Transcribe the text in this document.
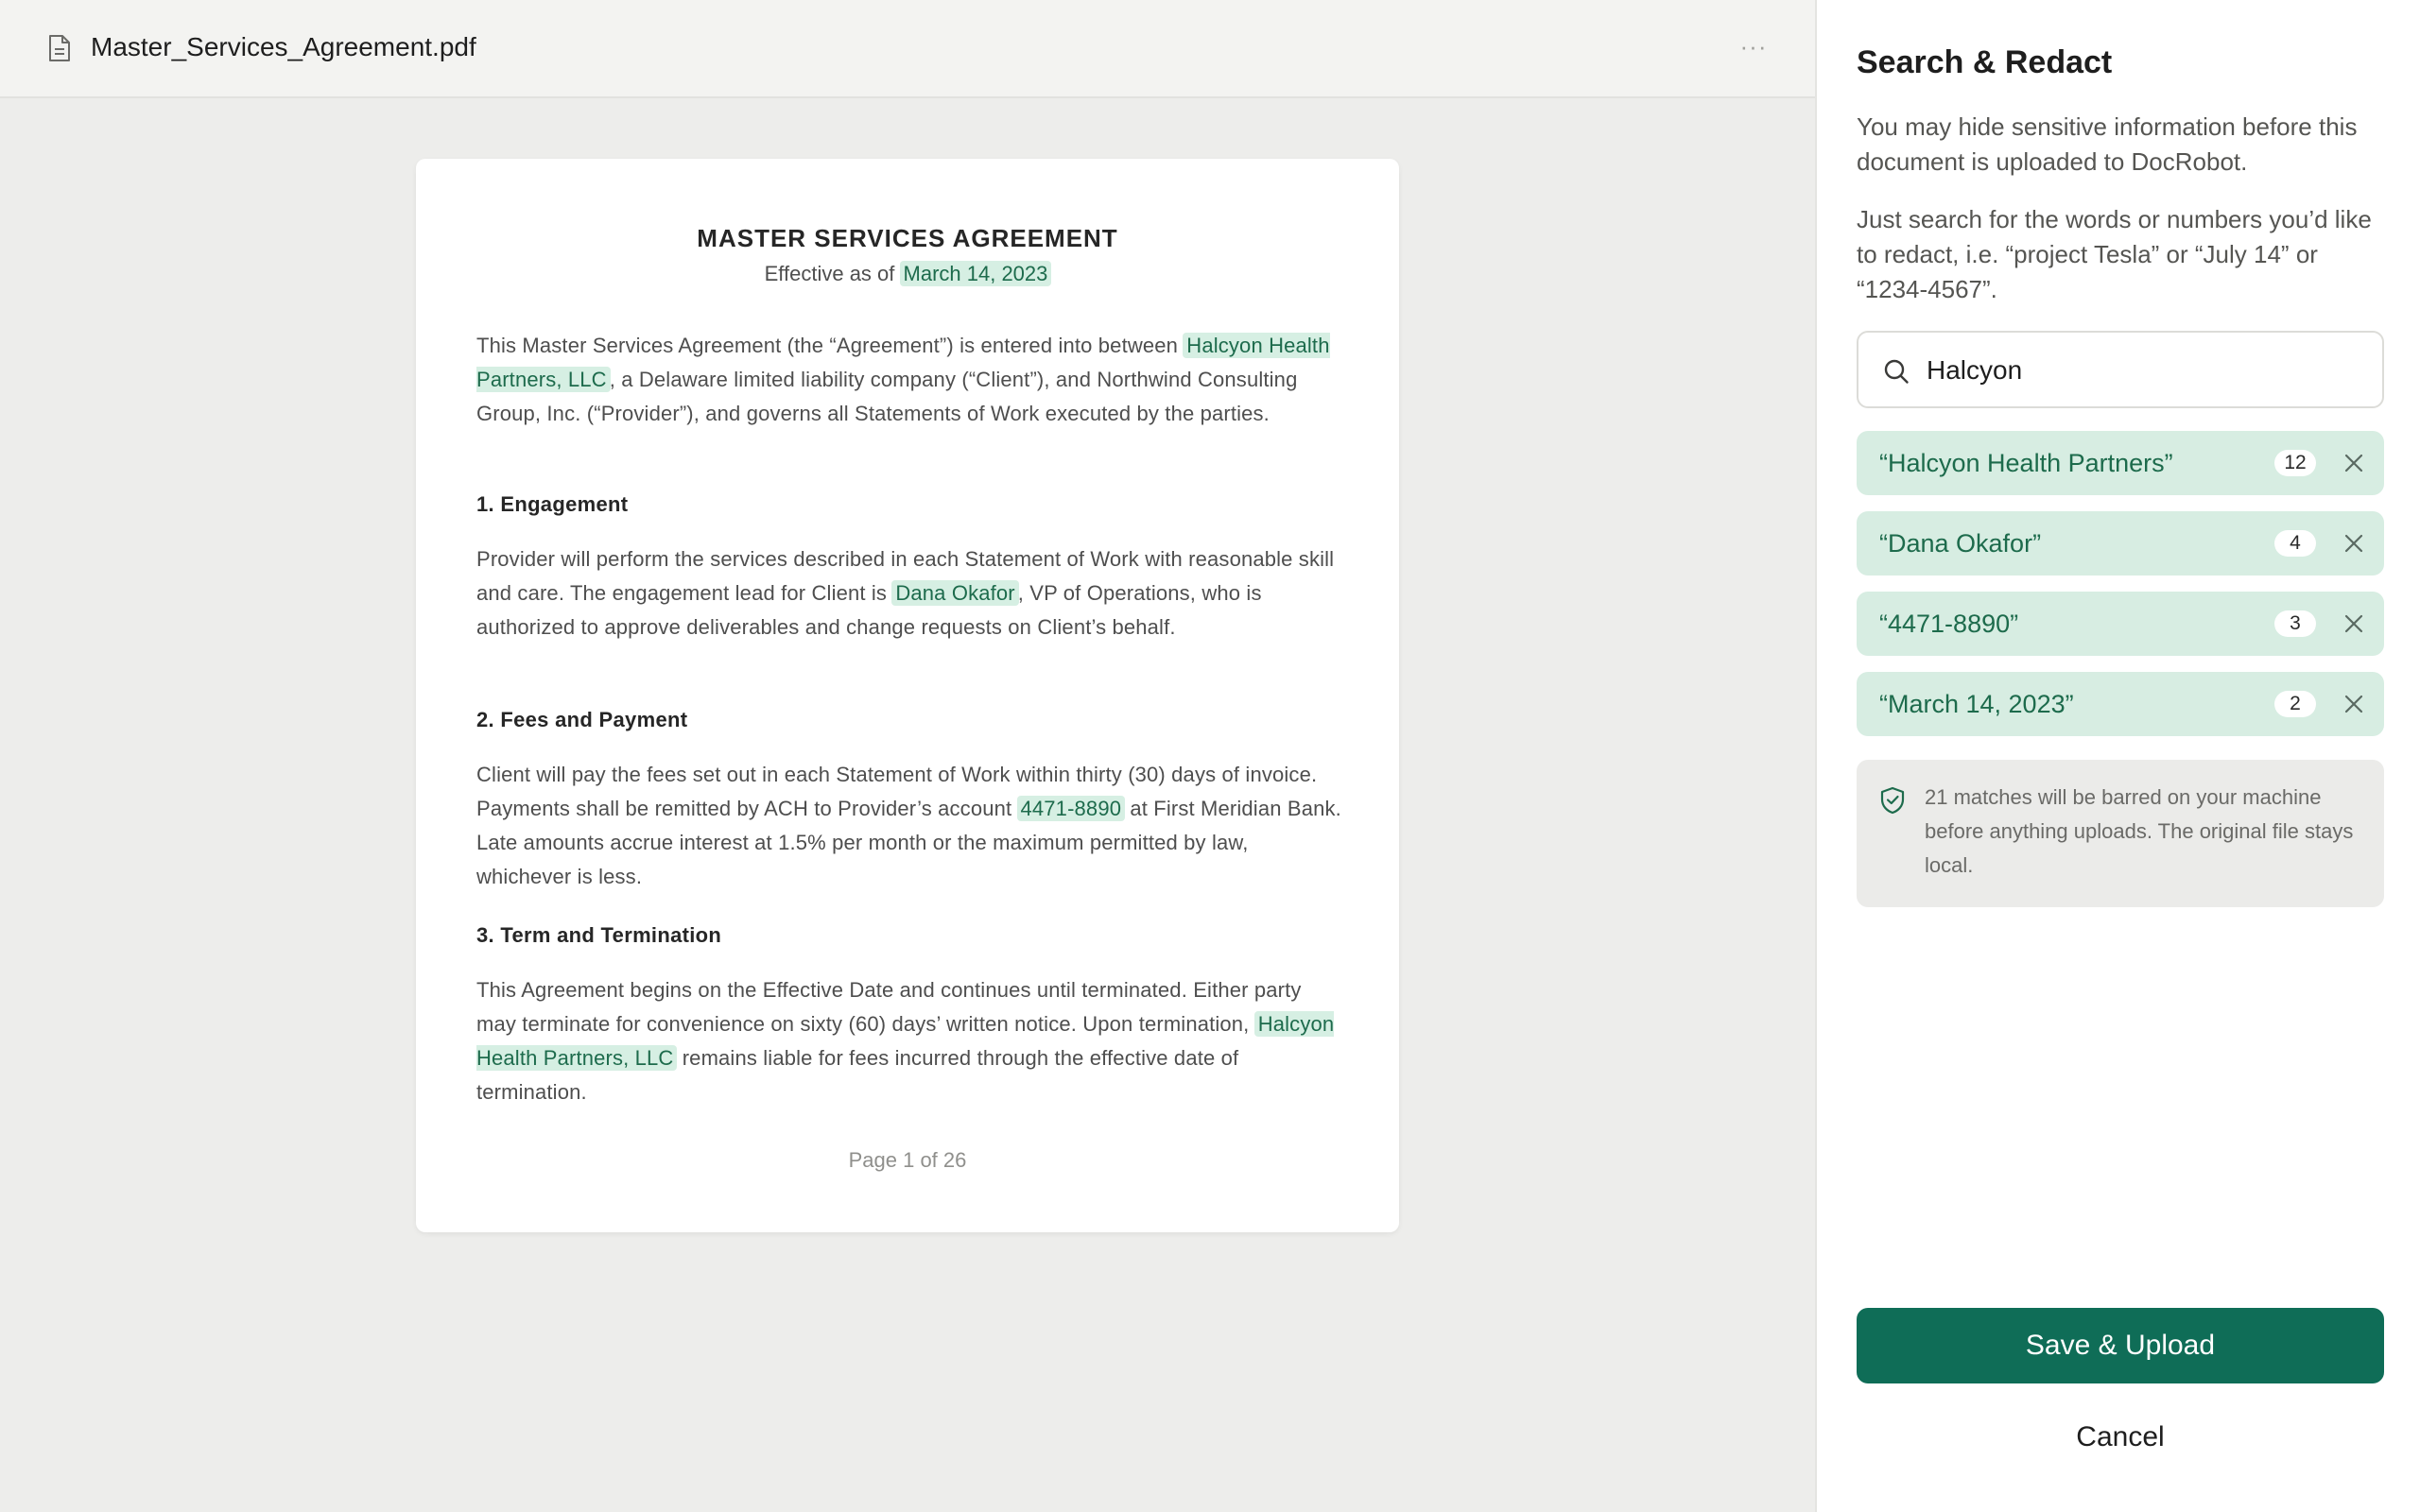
Master_Services_Agreement.pdf	···
MASTER SERVICES AGREEMENT
Effective as of March 14, 2023

This Master Services Agreement (the “Agreement”) is entered into between Halcyon Health Partners, LLC , a Delaware limited liability company (“Client”), and Northwind Consulting Group, Inc. (“Provider”), and governs all Statements of Work executed by the parties.

1. Engagement

Provider will perform the services described in each Statement of Work with reasonable skill and care. The engagement lead for Client is Dana Okafor , VP of Operations, who is authorized to approve deliverables and change requests on Client’s behalf.

2. Fees and Payment

Client will pay the fees set out in each Statement of Work within thirty (30) days of invoice. Payments shall be remitted by ACH to Provider’s account 4471-8890 at First Meridian Bank. Late amounts accrue interest at 1.5% per month or the maximum permitted by law, whichever is less.

3. Term and Termination

This Agreement begins on the Effective Date and continues until terminated. Either party may terminate for convenience on sixty (60) days’ written notice. Upon termination, Halcyon Health Partners, LLC remains liable for fees incurred through the effective date of termination.

Page 1 of 26
Search & Redact

You may hide sensitive information before this document is uploaded to DocRobot.

Just search for the words or numbers you’d like to redact, i.e. “project Tesla” or “July 14” or “1234-4567”.

Halcyon
“Halcyon Health Partners”	12
“Dana Okafor”	4
“4471-8890”	3
“March 14, 2023”	2

21 matches will be barred on your machine before anything uploads. The original file stays local.

Save & Upload
Cancel
